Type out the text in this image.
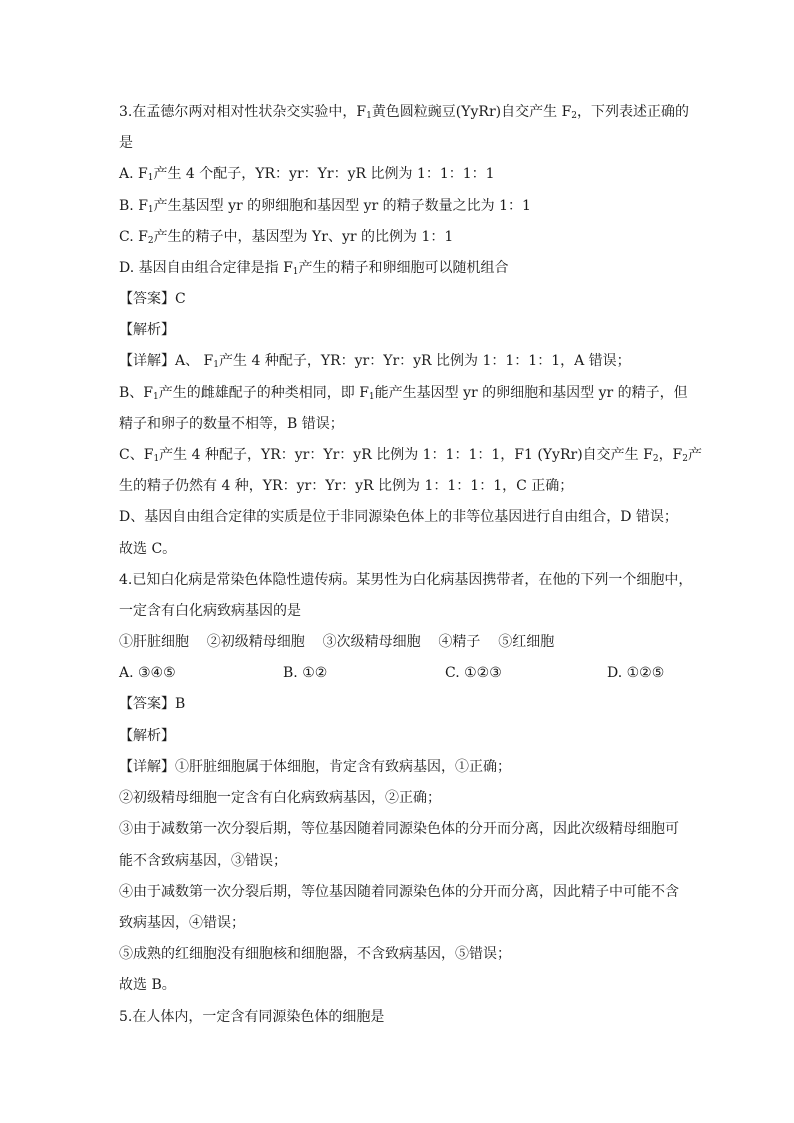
3.在孟德尔两对相对性状杂交实验中，$F_1$黄色圆粒豌豆(YyRr)自交产生 $F_2$，下列表述正确的
是
A. $F_1$产生 4 个配子，YR：yr：Yr：yR 比例为 1：1：1：1
B. $F_1$产生基因型 yr 的卵细胞和基因型 yr 的精子数量之比为 1：1
C. $F_2$产生的精子中，基因型为 Yr、yr 的比例为 1：1
D. 基因自由组合定律是指 $F_1$产生的精子和卵细胞可以随机组合
【答案】C
【解析】
【详解】A、 $F_1$产生 4 种配子，YR：yr：Yr：yR 比例为 1：1：1：1，A 错误；
B、$F_1$产生的雌雄配子的种类相同，即 $F_1$能产生基因型 yr 的卵细胞和基因型 yr 的精子，但
精子和卵子的数量不相等，B 错误；
C、$F_1$产生 4 种配子，YR：yr：Yr：yR 比例为 1：1：1：1，F1 (YyRr)自交产生 $F_2$，$F_2$产
生的精子仍然有 4 种，YR：yr：Yr：yR 比例为 1：1：1：1，C 正确；
D、基因自由组合定律的实质是位于非同源染色体上的非等位基因进行自由组合，D 错误；
故选 C。
4.已知白化病是常染色体隐性遗传病。某男性为白化病基因携带者，在他的下列一个细胞中，
一定含有白化病致病基因的是
①肝脏细胞    ②初级精母细胞    ③次级精母细胞    ④精子    ⑤红细胞
A. ③④⑤	B. ①②	C. ①②③	D. ①②⑤
【答案】B
【解析】
【详解】①肝脏细胞属于体细胞，肯定含有致病基因，①正确；
②初级精母细胞一定含有白化病致病基因，②正确；
③由于减数第一次分裂后期，等位基因随着同源染色体的分开而分离，因此次级精母细胞可
能不含致病基因，③错误；
④由于减数第一次分裂后期，等位基因随着同源染色体的分开而分离，因此精子中可能不含
致病基因，④错误；
⑤成熟的红细胞没有细胞核和细胞器，不含致病基因，⑤错误；
故选 B。
5.在人体内，一定含有同源染色体的细胞是
